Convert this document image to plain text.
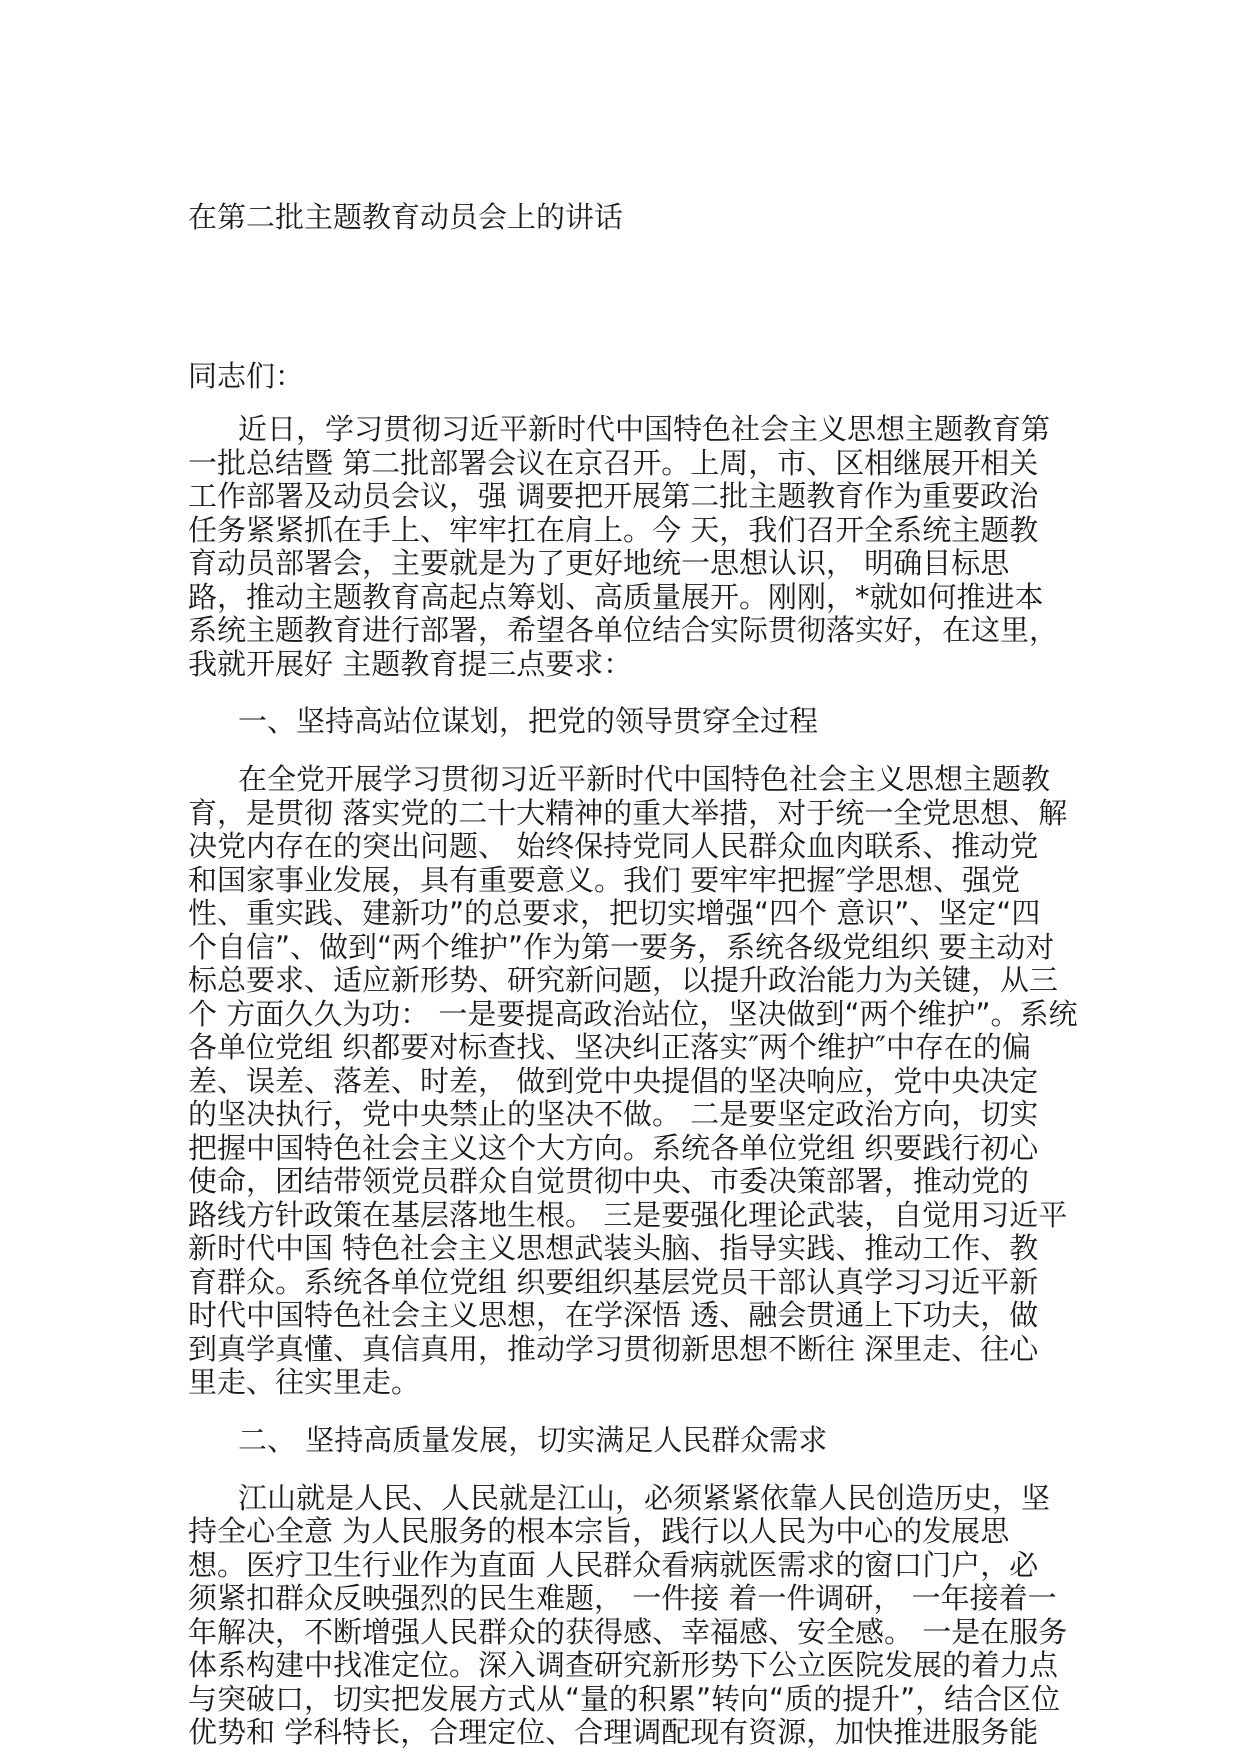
在第二批主题教育动员会上的讲话

同志们：

近日，学习贯彻习近平新时代中国特色社会主义思想主题教育第
一批总结暨 第二批部署会议在京召开。上周，市、区相继展开相关
工作部署及动员会议，强 调要把开展第二批主题教育作为重要政治
任务紧紧抓在手上、牢牢扛在肩上。今 天，我们召开全系统主题教
育动员部署会，主要就是为了更好地统一思想认识， 明确目标思
路，推动主题教育高起点筹划、高质量展开。刚刚，*就如何推进本
系统主题教育进行部署，希望各单位结合实际贯彻落实好，在这里，
我就开展好 主题教育提三点要求：
一、坚持高站位谋划，把党的领导贯穿全过程
在全党开展学习贯彻习近平新时代中国特色社会主义思想主题教
育，是贯彻 落实党的二十大精神的重大举措，对于统一全党思想、解
决党内存在的突出问题、 始终保持党同人民群众血肉联系、推动党
和国家事业发展，具有重要意义。我们 要牢牢把握″学思想、强党
性、重实践、建新功”的总要求，把切实增强“四个 意识”、坚定“四
个自信”、做到“两个维护”作为第一要务，系统各级党组织 要主动对
标总要求、适应新形势、研究新问题，以提升政治能力为关键，从三
个 方面久久为功： 一是要提高政治站位，坚决做到“两个维护”。系统
各单位党组 织都要对标查找、坚决纠正落实″两个维护″中存在的偏
差、误差、落差、时差， 做到党中央提倡的坚决响应，党中央决定
的坚决执行，党中央禁止的坚决不做。 二是要坚定政治方向，切实
把握中国特色社会主义这个大方向。系统各单位党组 织要践行初心
使命，团结带领党员群众自觉贯彻中央、市委决策部署，推动党的
路线方针政策在基层落地生根。 三是要强化理论武装，自觉用习近平
新时代中国 特色社会主义思想武装头脑、指导实践、推动工作、教
育群众。系统各单位党组 织要组织基层党员干部认真学习习近平新
时代中国特色社会主义思想，在学深悟 透、融会贯通上下功夫，做
到真学真懂、真信真用，推动学习贯彻新思想不断往 深里走、往心
里走、往实里走。
二、 坚持高质量发展，切实满足人民群众需求
江山就是人民、人民就是江山，必须紧紧依靠人民创造历史，坚
持全心全意 为人民服务的根本宗旨，践行以人民为中心的发展思
想。医疗卫生行业作为直面 人民群众看病就医需求的窗口门户，必
须紧扣群众反映强烈的民生难题， 一件接 着一件调研， 一年接着一
年解决，不断增强人民群众的获得感、幸福感、安全感。 一是在服务
体系构建中找准定位。深入调查研究新形势下公立医院发展的着力点
与突破口，切实把发展方式从“量的积累”转向“质的提升”，结合区位
优势和 学科特长，合理定位、合理调配现有资源，加快推进服务能
